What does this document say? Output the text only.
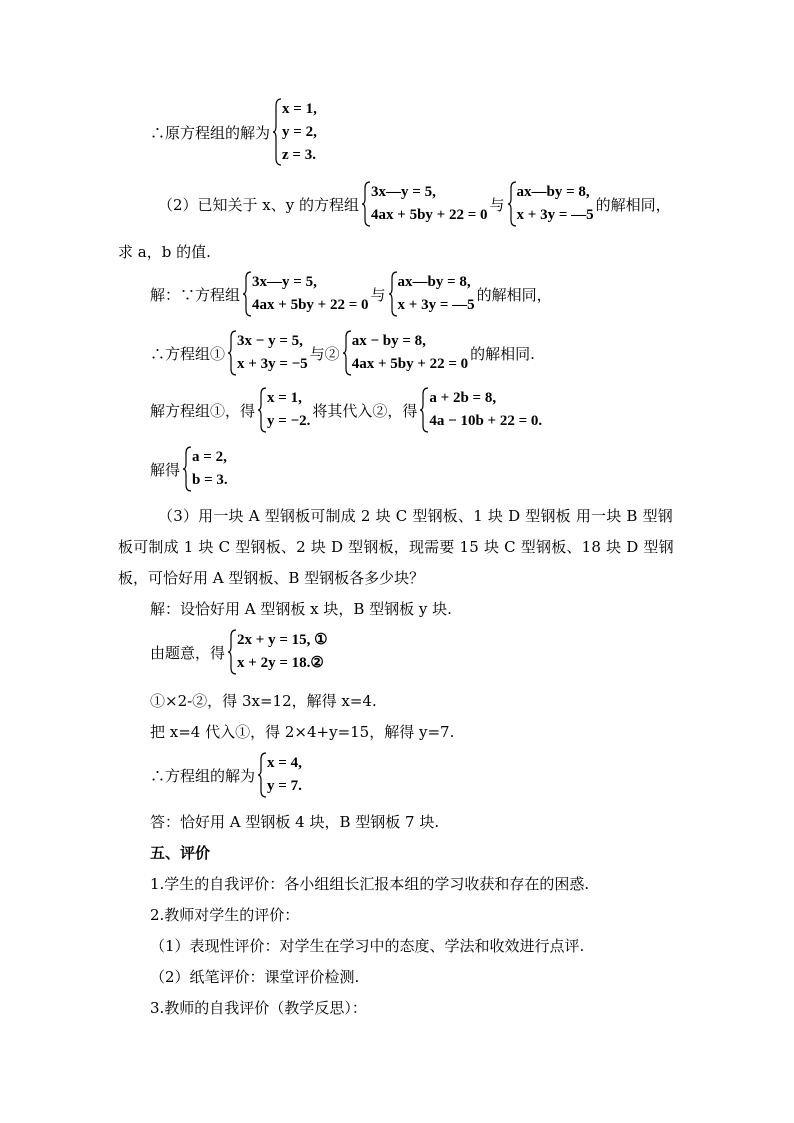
∴原方程组的解为
x = 1,
y = 2,
z = 3.
（2）已知关于 x、y 的方程组
3x—y = 5,
4ax + 5by + 22 = 0
与
ax—by = 8,
x + 3y = —5
的解相同，
求 a，b 的值.
解：∵方程组
3x—y = 5,
4ax + 5by + 22 = 0
与
ax—by = 8,
x + 3y = —5
的解相同，
∴方程组①
3x − y = 5,
x + 3y = −5
与②
ax − by = 8,
4ax + 5by + 22 = 0
的解相同.
解方程组①，得
x = 1,
y = −2.
将其代入②，得
a + 2b = 8,
4a − 10b + 22 = 0.
解得
a = 2,
b = 3.
（3）用一块 A 型钢板可制成 2 块 C 型钢板、1 块 D 型钢板 用一块 B 型钢
板可制成 1 块 C 型钢板、2 块 D 型钢板，现需要 15 块 C 型钢板、18 块 D 型钢
板，可恰好用 A 型钢板、B 型钢板各多少块？
解：设恰好用 A 型钢板 x 块，B 型钢板 y 块.
由题意，得
2x + y = 15, ①
x + 2y = 18.②
①×2-②，得 3x=12，解得 x=4.
把 x=4 代入①，得 2×4+y=15，解得 y=7.
∴方程组的解为
x = 4,
y = 7.
答：恰好用 A 型钢板 4 块，B 型钢板 7 块.
五、评价
1.学生的自我评价：各小组组长汇报本组的学习收获和存在的困惑.
2.教师对学生的评价：
（1）表现性评价：对学生在学习中的态度、学法和收效进行点评.
（2）纸笔评价：课堂评价检测.
3.教师的自我评价（教学反思）：
